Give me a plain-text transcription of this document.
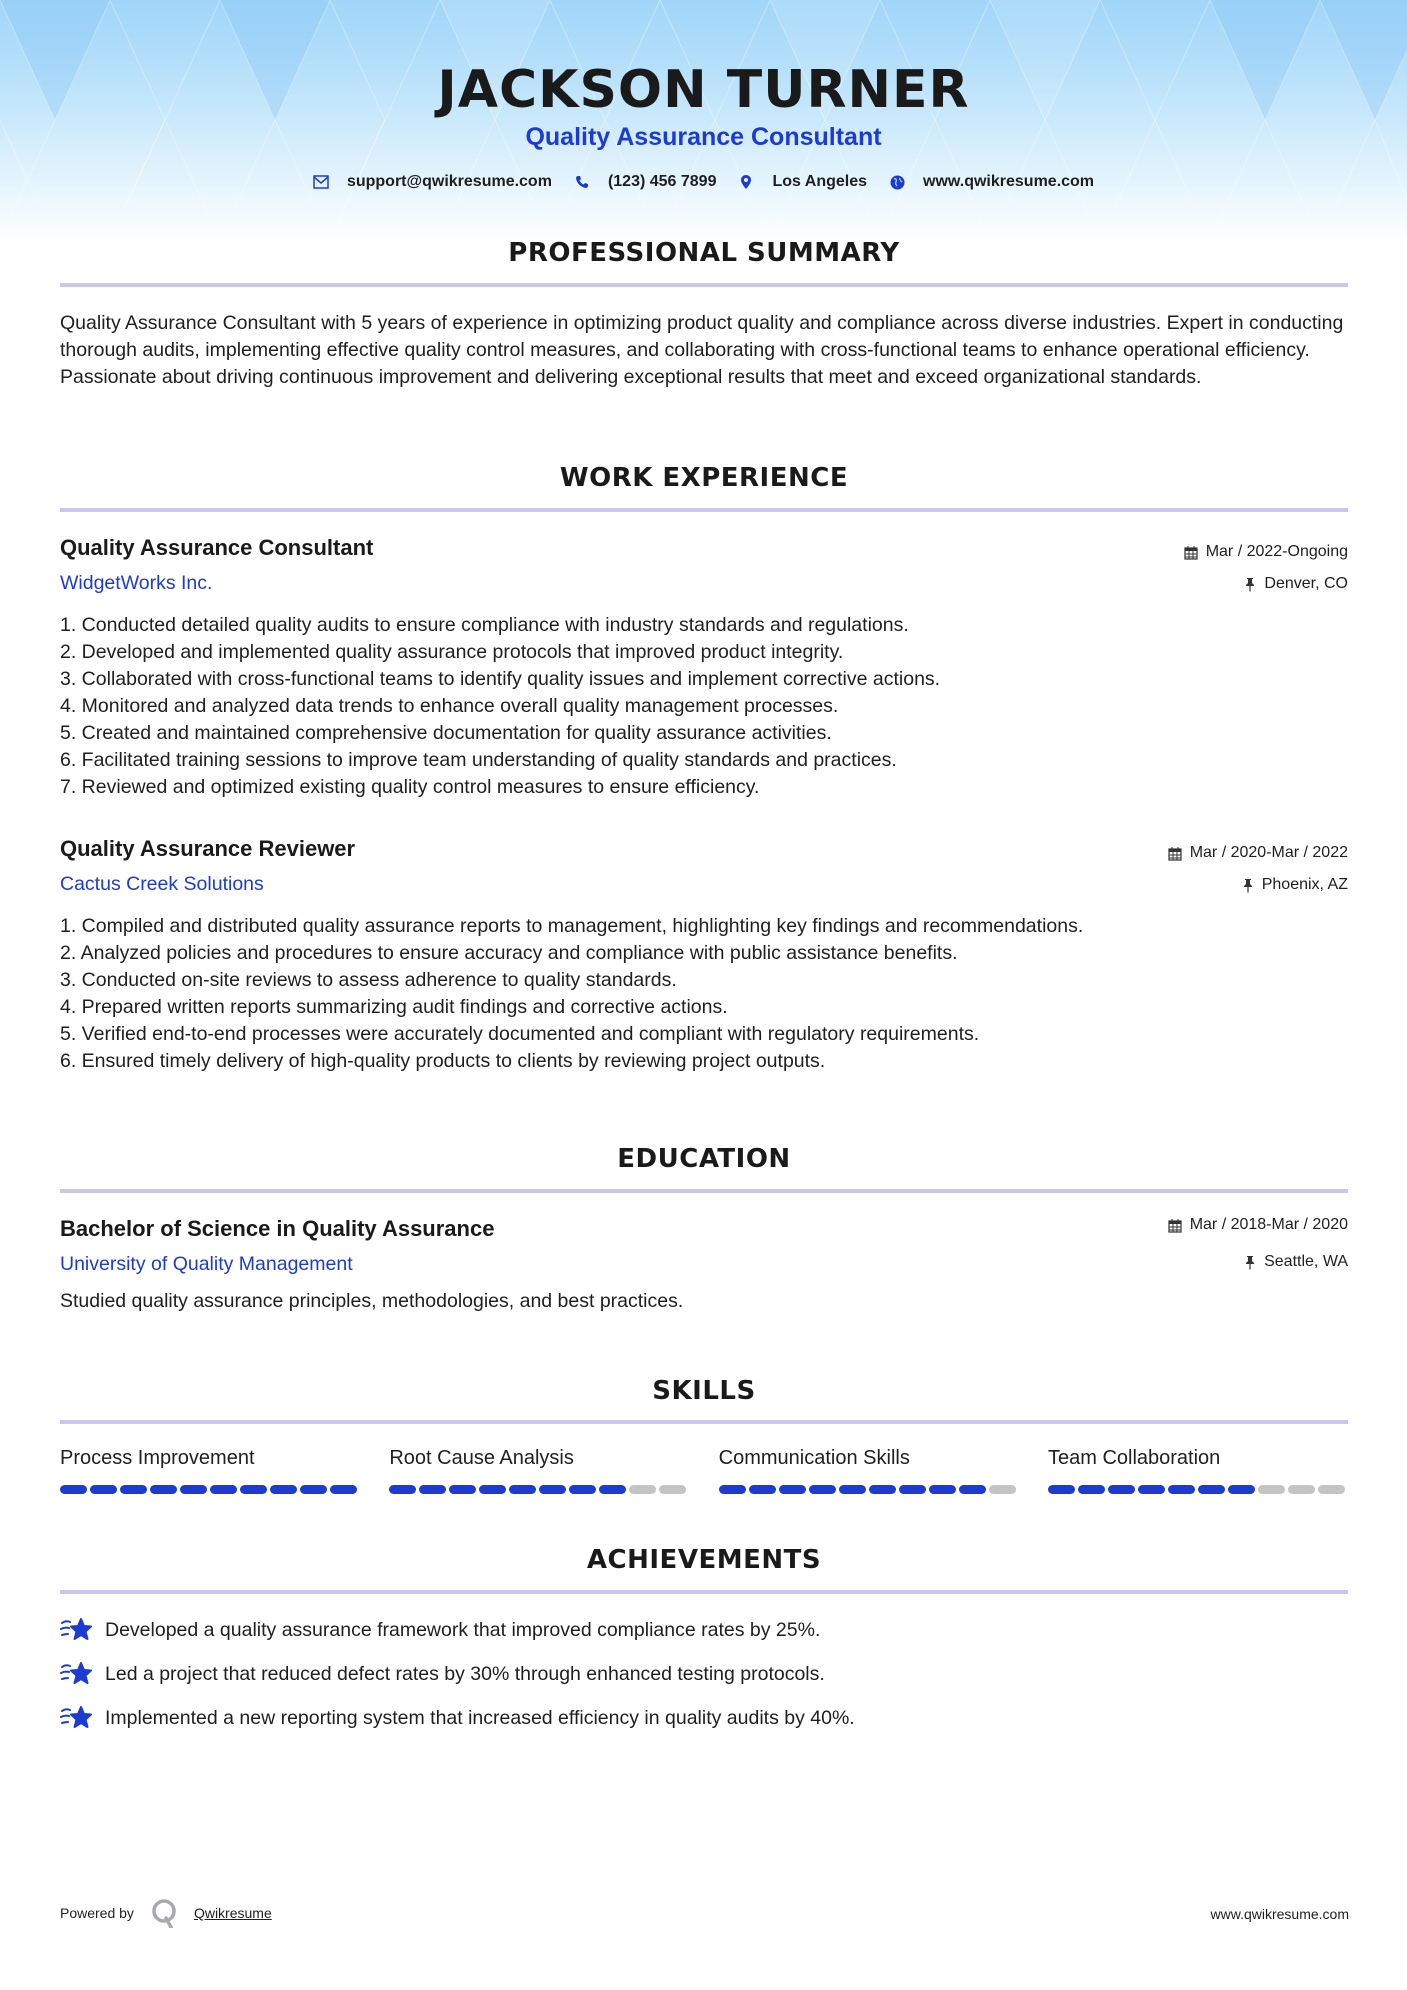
JACKSON TURNER
Quality Assurance Consultant
support@qwikresume.com	(123) 456 7899	Los Angeles	www.qwikresume.com
PROFESSIONAL SUMMARY

Quality Assurance Consultant with 5 years of experience in optimizing product quality and compliance across diverse industries. Expert in conducting thorough audits, implementing effective quality control measures, and collaborating with cross-functional teams to enhance operational efficiency. Passionate about driving continuous improvement and delivering exceptional results that meet and exceed organizational standards.

WORK EXPERIENCE
Quality Assurance Consultant
WidgetWorks Inc.
Mar / 2022-Ongoing
Denver, CO
1. Conducted detailed quality audits to ensure compliance with industry standards and regulations.
2. Developed and implemented quality assurance protocols that improved product integrity.
3. Collaborated with cross-functional teams to identify quality issues and implement corrective actions.
4. Monitored and analyzed data trends to enhance overall quality management processes.
5. Created and maintained comprehensive documentation for quality assurance activities.
6. Facilitated training sessions to improve team understanding of quality standards and practices.
7. Reviewed and optimized existing quality control measures to ensure efficiency.
Quality Assurance Reviewer
Cactus Creek Solutions
Mar / 2020-Mar / 2022
Phoenix, AZ
1. Compiled and distributed quality assurance reports to management, highlighting key findings and recommendations.
2. Analyzed policies and procedures to ensure accuracy and compliance with public assistance benefits.
3. Conducted on-site reviews to assess adherence to quality standards.
4. Prepared written reports summarizing audit findings and corrective actions.
5. Verified end-to-end processes were accurately documented and compliant with regulatory requirements.
6. Ensured timely delivery of high-quality products to clients by reviewing project outputs.
EDUCATION
Bachelor of Science in Quality Assurance
University of Quality Management
Mar / 2018-Mar / 2020
Seattle, WA
Studied quality assurance principles, methodologies, and best practices.
SKILLS
Process Improvement	Root Cause Analysis	Communication Skills	Team Collaboration
ACHIEVEMENTS
Developed a quality assurance framework that improved compliance rates by 25%.
Led a project that reduced defect rates by 30% through enhanced testing protocols.
Implemented a new reporting system that increased efficiency in quality audits by 40%.
Powered by	Qwikresume	www.qwikresume.com
